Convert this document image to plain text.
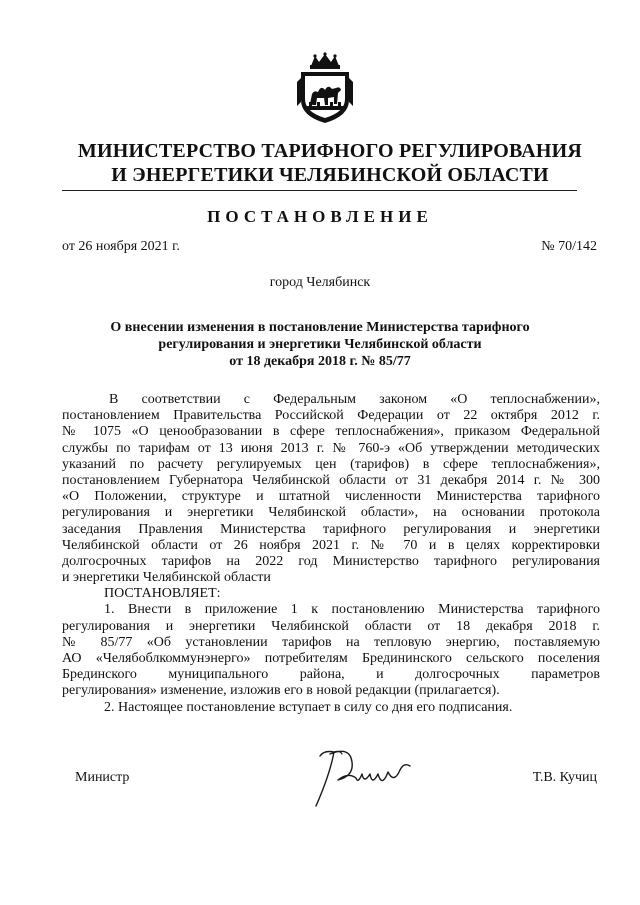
МИНИСТЕРСТВО ТАРИФНОГО РЕГУЛИРОВАНИЯ
И ЭНЕРГЕТИКИ ЧЕЛЯБИНСКОЙ ОБЛАСТИ
ПОСТАНОВЛЕНИЕ
от 26 ноября 2021 г.	№ 70/142
город Челябинск
О внесении изменения в постановление Министерства тарифного
регулирования и энергетики Челябинской области
от 18 декабря 2018 г. № 85/77
В соответствии с Федеральным законом «О теплоснабжении»,
постановлением Правительства Российской Федерации от 22 октября 2012 г.
№ 1075 «О ценообразовании в сфере теплоснабжения», приказом Федеральной
службы по тарифам от 13 июня 2013 г. № 760-э «Об утверждении методических
указаний по расчету регулируемых цен (тарифов) в сфере теплоснабжения»,
постановлением Губернатора Челябинской области от 31 декабря 2014 г. № 300
«О Положении, структуре и штатной численности Министерства тарифного
регулирования и энергетики Челябинской области», на основании протокола
заседания Правления Министерства тарифного регулирования и энергетики
Челябинской области от 26 ноября 2021 г. № 70 и в целях корректировки
долгосрочных тарифов на 2022 год Министерство тарифного регулирования
и энергетики Челябинской области
ПОСТАНОВЛЯЕТ:
1. Внести в приложение 1 к постановлению Министерства тарифного
регулирования и энергетики Челябинской области от 18 декабря 2018 г.
№ 85/77 «Об установлении тарифов на тепловую энергию, поставляемую
АО «Челябоблкоммунэнерго» потребителям Бредининского сельского поселения
Брединского муниципального района, и долгосрочных параметров
регулирования» изменение, изложив его в новой редакции (прилагается).
2. Настоящее постановление вступает в силу со дня его подписания.
Министр	Т.В. Кучиц
